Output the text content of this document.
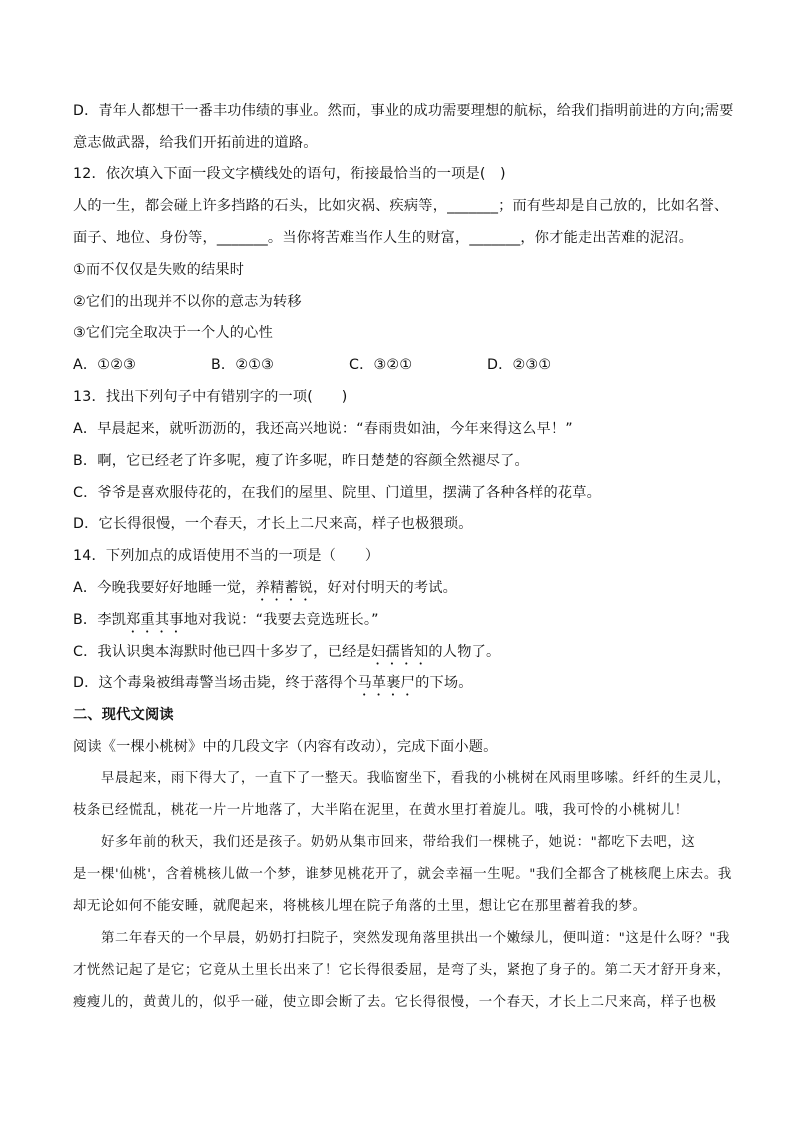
D．青年人都想干一番丰功伟绩的事业。然而，事业的成功需要理想的航标，给我们指明前进的方向;需要
意志做武器，给我们开拓前进的道路。
12．依次填入下面一段文字横线处的语句，衔接最恰当的一项是(　)
人的一生，都会碰上许多挡路的石头，比如灾祸、疾病等，_______；而有些却是自己放的，比如名誉、
面子、地位、身份等，_______。当你将苦难当作人生的财富，_______，你才能走出苦难的泥沼。
①而不仅仅是失败的结果时
②它们的出现并不以你的意志为转移
③它们完全取决于一个人的心性
A．①②③	B．②①③	C．③②①	D．②③①
13．找出下列句子中有错别字的一项(　　)
A．早晨起来，就听沥沥的，我还高兴地说：“春雨贵如油，今年来得这么早！”
B．啊，它已经老了许多呢，瘦了许多呢，昨日楚楚的容颜全然褪尽了。
C．爷爷是喜欢服侍花的，在我们的屋里、院里、门道里，摆满了各种各样的花草。
D．它长得很慢，一个春天，才长上二尺来高，样子也极猥琐。
14．下列加点的成语使用不当的一项是（　　）
A．今晚我要好好地睡一觉，养精蓄锐，好对付明天的考试。
B．李凯郑重其事地对我说：“我要去竞选班长。”
C．我认识奥本海默时他已四十多岁了，已经是妇孺皆知的人物了。
D．这个毒枭被缉毒警当场击毙，终于落得个马革裹尸的下场。
二、现代文阅读
阅读《一棵小桃树》中的几段文字（内容有改动），完成下面小题。
　　早晨起来，雨下得大了，一直下了一整天。我临窗坐下，看我的小桃树在风雨里哆嗦。纤纤的生灵儿，
枝条已经慌乱，桃花一片一片地落了，大半陷在泥里，在黄水里打着旋儿。哦，我可怜的小桃树儿！
　　好多年前的秋天，我们还是孩子。奶奶从集市回来，带给我们一棵桃子，她说："都吃下去吧，这
是一棵'仙桃'，含着桃核儿做一个梦，谁梦见桃花开了，就会幸福一生呢。"我们全都含了桃核爬上床去。我
却无论如何不能安睡，就爬起来，将桃核儿埋在院子角落的土里，想让它在那里蓄着我的梦。
　　第二年春天的一个早晨，奶奶打扫院子，突然发现角落里拱出一个嫩绿儿，便叫道："这是什么呀？"我
才恍然记起了是它；它竟从土里长出来了！它长得很委屈，是弯了头，紧抱了身子的。第二天才舒开身来，
瘦瘦儿的，黄黄儿的，似乎一碰，使立即会断了去。它长得很慢，一个春天，才长上二尺来高，样子也极
